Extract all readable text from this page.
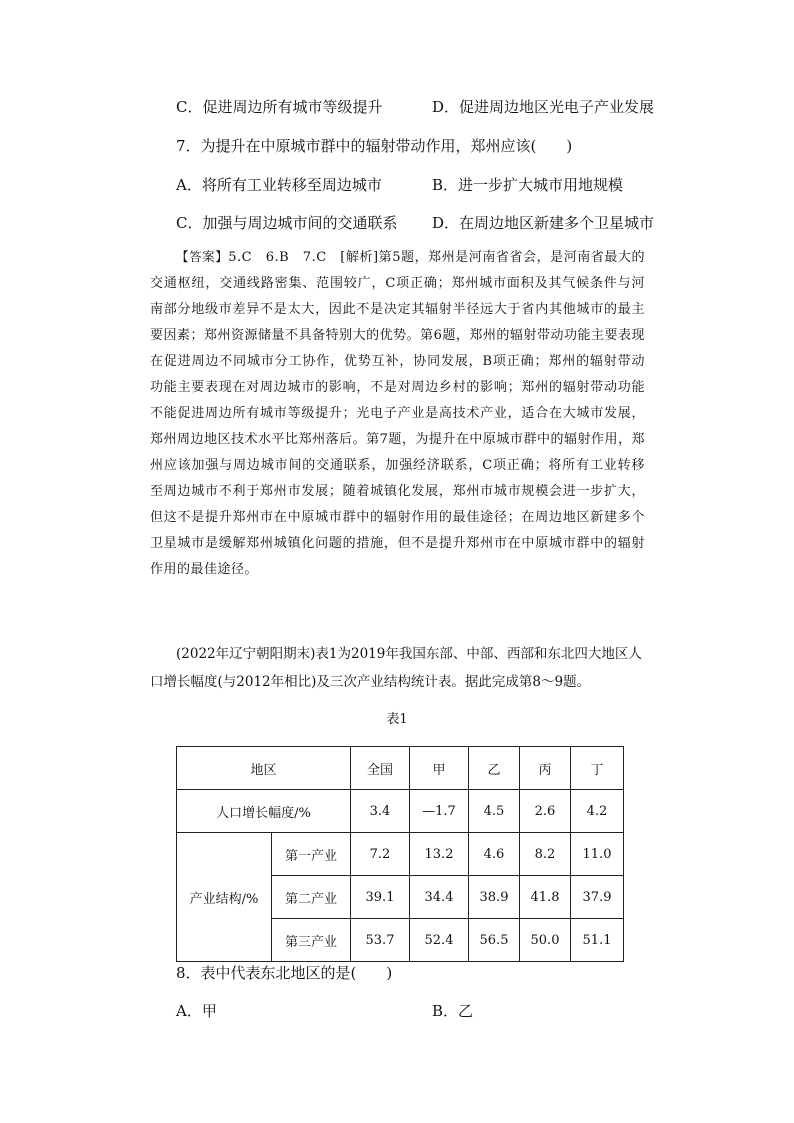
C．促进周边所有城市等级提升	D．促进周边地区光电子产业发展
7．为提升在中原城市群中的辐射带动作用，郑州应该(　　)
A．将所有工业转移至周边城市	B．进一步扩大城市用地规模
C．加强与周边城市间的交通联系 D．在周边地区新建多个卫星城市

【答案】5.C　6.B　7.C　[解析]第5题，郑州是河南省省会，是河南省最大的交通枢纽，交通线路密集、范围较广，C项正确；郑州城市面积及其气候条件与河南部分地级市差异不是太大，因此不是决定其辐射半径远大于省内其他城市的最主要因素；郑州资源储量不具备特别大的优势。第6题，郑州的辐射带动功能主要表现在促进周边不同城市分工协作，优势互补，协同发展，B项正确；郑州的辐射带动功能主要表现在对周边城市的影响，不是对周边乡村的影响；郑州的辐射带动功能不能促进周边所有城市等级提升；光电子产业是高技术产业，适合在大城市发展，郑州周边地区技术水平比郑州落后。第7题，为提升在中原城市群中的辐射作用，郑州应该加强与周边城市间的交通联系，加强经济联系，C项正确；将所有工业转移至周边城市不利于郑州市发展；随着城镇化发展，郑州市城市规模会进一步扩大，但这不是提升郑州市在中原城市群中的辐射作用的最佳途径；在周边地区新建多个卫星城市是缓解郑州城镇化问题的措施，但不是提升郑州市在中原城市群中的辐射作用的最佳途径。

(2022年辽宁朝阳期末)表1为2019年我国东部、中部、西部和东北四大地区人口增长幅度(与2012年相比)及三次产业结构统计表。据此完成第8～9题。
表1
地区		全国	甲	乙	丙	丁
人口增长幅度/%		3.4	—1.7	4.5	2.6	4.2
产业结构/%	第一产业	7.2	13.2	4.6	8.2	11.0
	第二产业	39.1	34.4	38.9	41.8	37.9
	第三产业	53.7	52.4	56.5	50.0	51.1
8．表中代表东北地区的是(　　)
A．甲	B．乙
